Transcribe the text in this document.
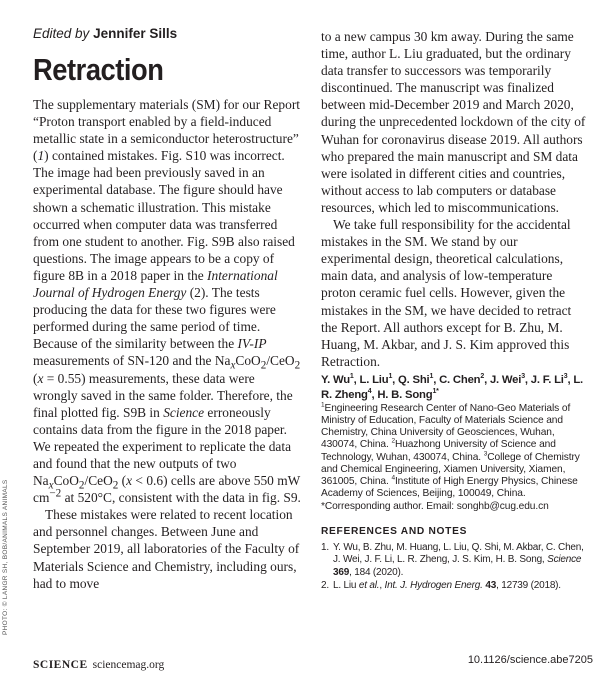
PHOTO: © LANGR SH, BOB/ANIMALS ANIMALS
Edited by Jennifer Sills
Retraction

The supplementary materials (SM) for our Report “Proton transport enabled by a field-induced metallic state in a semiconductor heterostructure” (1) contained mistakes. Fig. S10 was incorrect. The image had been previously saved in an experimental database. The figure should have shown a schematic illustration. This mistake occurred when computer data was transferred from one student to another. Fig. S9B also raised questions. The image appears to be a copy of figure 8B in a 2018 paper in the International Journal of Hydrogen Energy (2). The tests producing the data for these two figures were performed during the same period of time. Because of the similarity between the IV-IP measurements of SN-120 and the $Na_xCoO_2/CeO_2$ (x = 0.55) measurements, these data were wrongly saved in the same folder. Therefore, the final plotted fig. S9B in Science erroneously contains data from the figure in the 2018 paper. We repeated the experiment to replicate the data and found that the new outputs of two $Na_xCoO_2/CeO_2$ (x < 0.6) cells are above 550 mW $cm^{-2}$ at 520°C, consistent with the data in fig. S9.

These mistakes were related to recent location and personnel changes. Between June and September 2019, all laboratories of the Faculty of Materials Science and Chemistry, including ours, had to move

to a new campus 30 km away. During the same time, author L. Liu graduated, but the ordinary data transfer to successors was temporarily discontinued. The manuscript was finalized between mid-December 2019 and March 2020, during the unprecedented lockdown of the city of Wuhan for coronavirus disease 2019. All authors who prepared the main manuscript and SM data were isolated in different cities and countries, without access to lab computers or database resources, which led to miscommunications.

We take full responsibility for the accidental mistakes in the SM. We stand by our experimental design, theoretical calculations, main data, and analysis of low-temperature proton ceramic fuel cells. However, given the mistakes in the SM, we have decided to retract the Report. All authors except for B. Zhu, M. Huang, M. Akbar, and J. S. Kim approved this Retraction.

Y. Wu$^1$, L. Liu$^1$, Q. Shi$^1$, C. Chen$^2$, J. Wei$^3$, J. F. Li$^3$, L. R. Zheng$^4$, H. B. Song$^{1*}$
$^1$Engineering Research Center of Nano-Geo Materials of Ministry of Education, Faculty of Materials Science and Chemistry, China University of Geosciences, Wuhan, 430074, China. $^2$Huazhong University of Science and Technology, Wuhan, 430074, China. $^3$College of Chemistry and Chemical Engineering, Xiamen University, Xiamen, 361005, China. $^4$Institute of High Energy Physics, Chinese Academy of Sciences, Beijing, 100049, China.
*Corresponding author. Email: songhb@cug.edu.cn
REFERENCES AND NOTES
1. Y. Wu, B. Zhu, M. Huang, L. Liu, Q. Shi, M. Akbar, C. Chen, J. Wei, J. F. Li, L. R. Zheng, J. S. Kim, H. B. Song, Science 369, 184 (2020).
2. L. Liu et al., Int. J. Hydrogen Energ. 43, 12739 (2018).
10.1126/science.abe7205
SCIENCE sciencemag.org
